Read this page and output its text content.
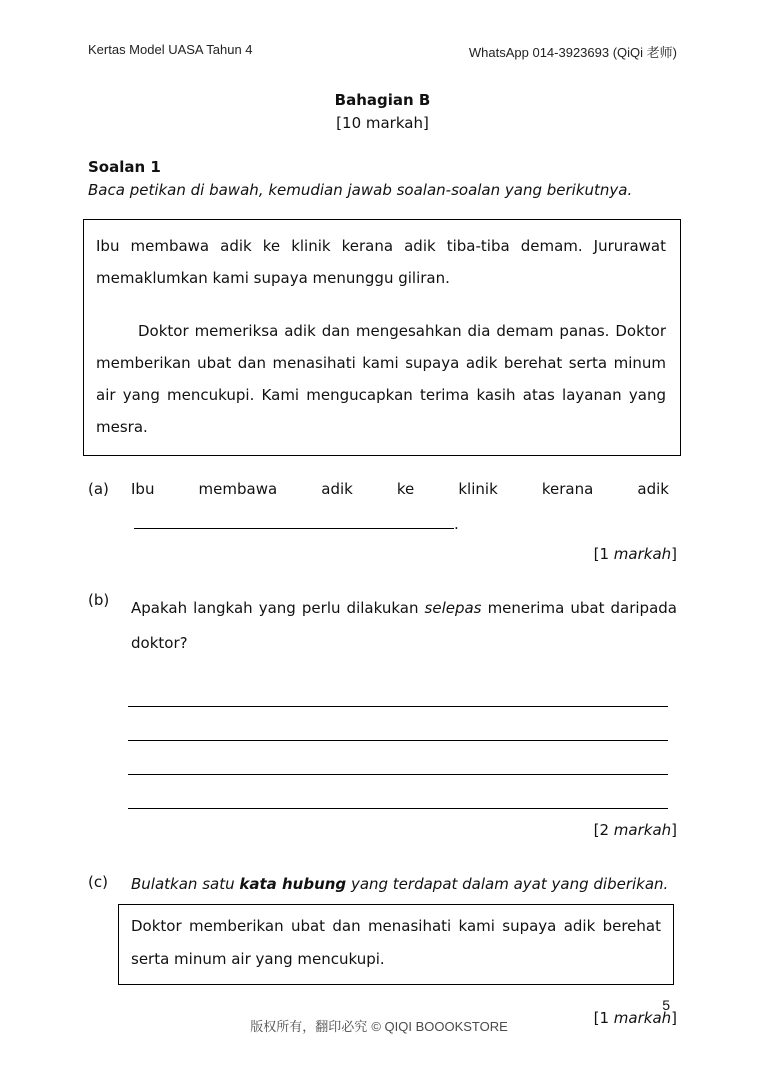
Kertas Model UASA Tahun 4	WhatsApp 014-3923693 (QiQi 老师)
Bahagian B
[10 markah]
Soalan 1
Baca petikan di bawah, kemudian jawab soalan-soalan yang berikutnya.

Ibu membawa adik ke klinik kerana adik tiba-tiba demam. Jururawat memaklumkan kami supaya menunggu giliran.

Doktor memeriksa adik dan mengesahkan dia demam panas. Doktor memberikan ubat dan menasihati kami supaya adik berehat serta minum air yang mencukupi. Kami mengucapkan terima kasih atas layanan yang mesra.

(a)	Ibu	membawa	adik	ke	klinik	kerana	adik
.
[1 markah]
(b)	Apakah langkah yang perlu dilakukan selepas menerima ubat daripada doktor?

[2 markah]
(c)	Bulatkan satu kata hubung yang terdapat dalam ayat yang diberikan.

Doktor memberikan ubat dan menasihati kami supaya adik berehat serta minum air yang mencukupi.

[1 markah]
5
版权所有，翻印必究 © QIQI BOOOKSTORE
